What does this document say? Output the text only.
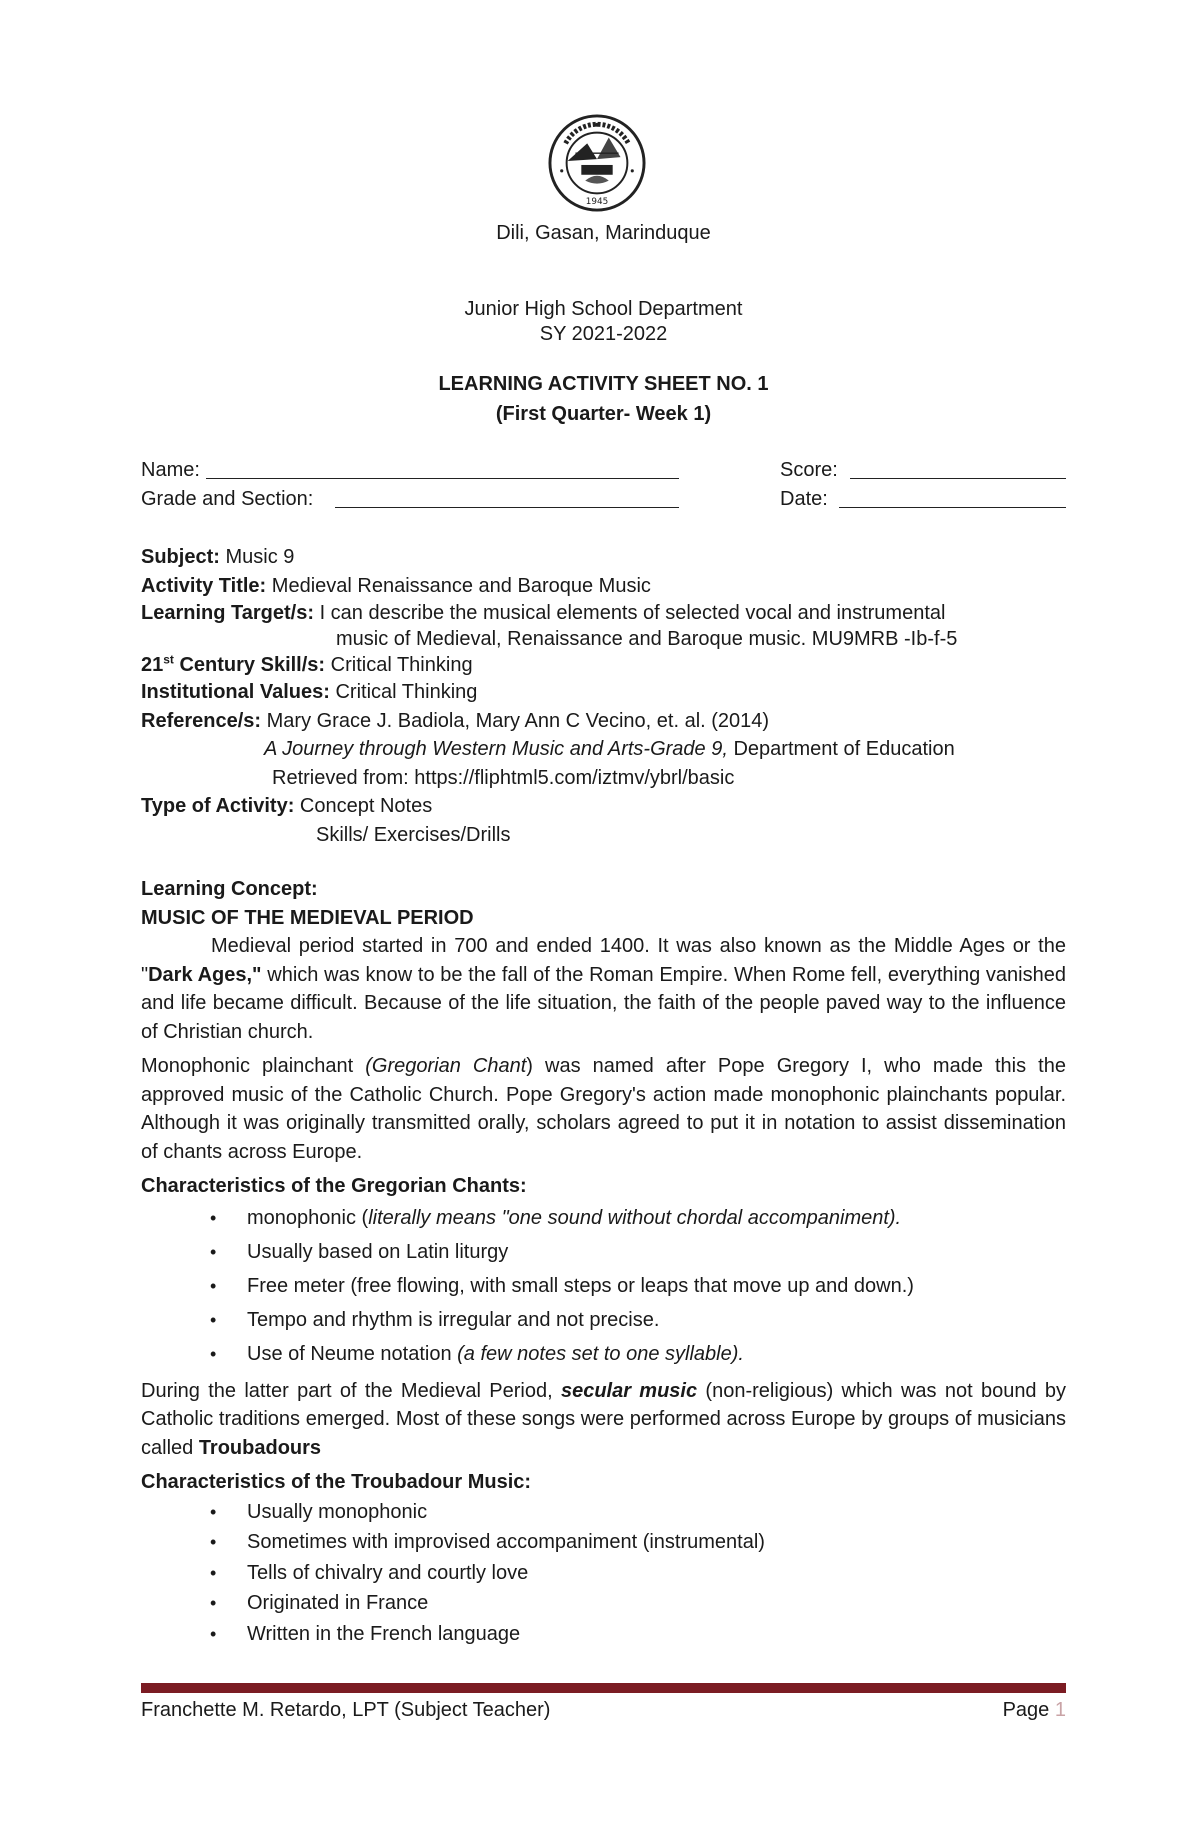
1945
Dili, Gasan, Marinduque
Junior High School Department
SY 2021-2022
LEARNING ACTIVITY SHEET NO. 1
(First Quarter- Week 1)
Name:	Score:
Grade and Section:	Date:
Subject: Music 9
Activity Title: Medieval Renaissance and Baroque Music
Learning Target/s: I can describe the musical elements of selected vocal and instrumental
music of Medieval, Renaissance and Baroque music. MU9MRB -Ib-f-5
21st Century Skill/s: Critical Thinking
Institutional Values: Critical Thinking
Reference/s: Mary Grace J. Badiola, Mary Ann C Vecino, et. al. (2014)
A Journey through Western Music and Arts-Grade 9, Department of Education
Retrieved from: https://fliphtml5.com/iztmv/ybrl/basic
Type of Activity: Concept Notes
Skills/ Exercises/Drills
Learning Concept:
MUSIC OF THE MEDIEVAL PERIOD

Medieval period started in 700 and ended 1400. It was also known as the Middle Ages or the "Dark Ages," which was know to be the fall of the Roman Empire. When Rome fell, everything vanished and life became difficult. Because of the life situation, the faith of the people paved way to the influence of Christian church.

Monophonic plainchant (Gregorian Chant) was named after Pope Gregory I, who made this the approved music of the Catholic Church. Pope Gregory's action made monophonic plainchants popular. Although it was originally transmitted orally, scholars agreed to put it in notation to assist dissemination of chants across Europe.

Characteristics of the Gregorian Chants:
• monophonic (literally means "one sound without chordal accompaniment).
• Usually based on Latin liturgy
• Free meter (free flowing, with small steps or leaps that move up and down.)
• Tempo and rhythm is irregular and not precise.
• Use of Neume notation (a few notes set to one syllable).

During the latter part of the Medieval Period, secular music (non-religious) which was not bound by Catholic traditions emerged. Most of these songs were performed across Europe by groups of musicians called Troubadours

Characteristics of the Troubadour Music:
• Usually monophonic
• Sometimes with improvised accompaniment (instrumental)
• Tells of chivalry and courtly love
• Originated in France
• Written in the French language
Franchette M. Retardo, LPT (Subject Teacher)	Page 1
